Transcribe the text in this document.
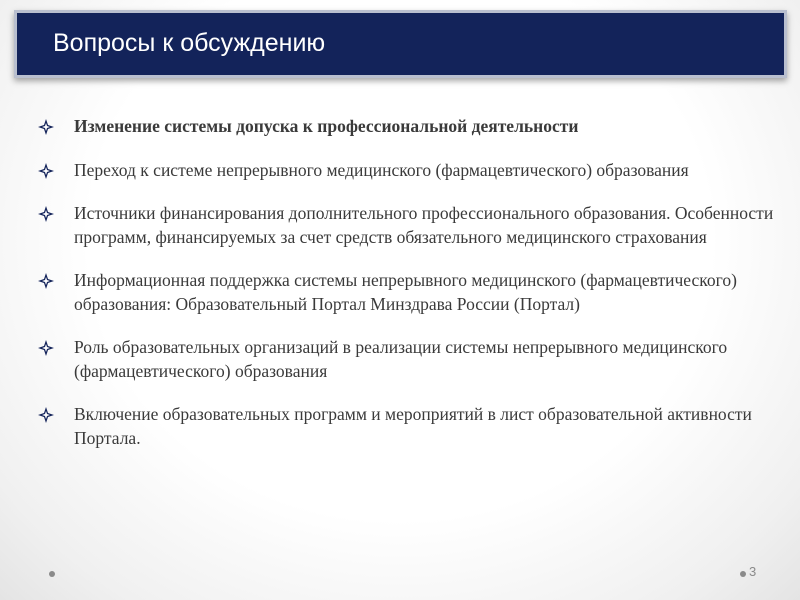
Вопросы к обсуждению
Изменение системы допуска к профессиональной деятельности
Переход к системе непрерывного медицинского (фармацевтического) образования
Источники финансирования дополнительного профессионального образования. Особенности программ, финансируемых за счет средств обязательного медицинского страхования
Информационная поддержка системы непрерывного медицинского (фармацевтического) образования: Образовательный Портал Минздрава России (Портал)
Роль образовательных организаций в реализации системы непрерывного медицинского (фармацевтического) образования
Включение образовательных программ и мероприятий в лист образовательной активности Портала.
3
